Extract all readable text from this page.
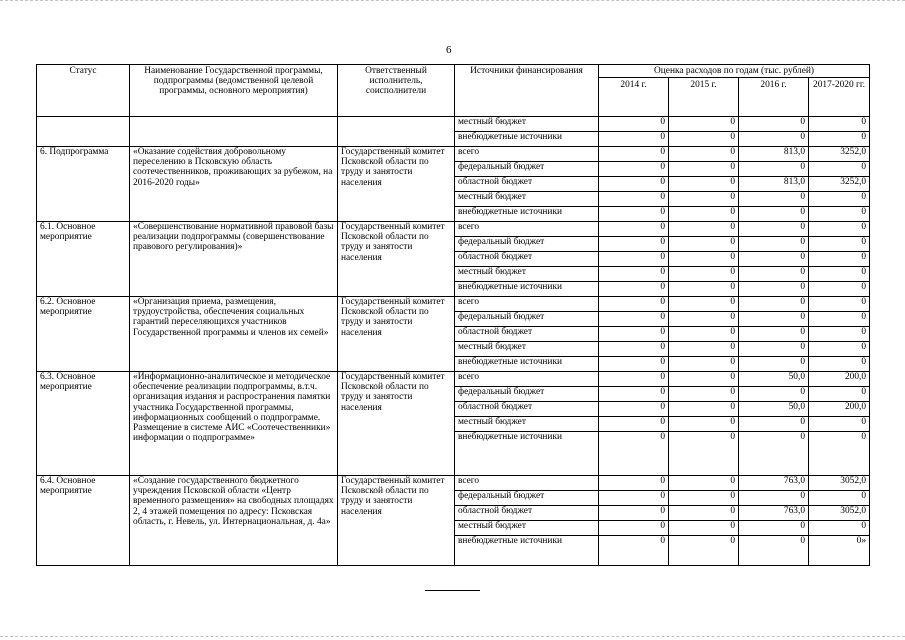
6
Статус	Наименование Государственной программы, подпрограммы (ведомственной целевой программы, основного мероприятия)	Ответственный исполнитель, соисполнители	Источники финансирования	Оценка расходов по годам (тыс. рублей)			
				2014 г.	2015 г.	2016 г.	2017-2020 гг.
			местный бюджет	0	0	0	0
			внебюджетные источники	0	0	0	0
6. Подпрограмма	«Оказание содействия добровольному переселению в Псковскую область соотечественников, проживающих за рубежом, на 2016-2020 годы»	Государственный комитет Псковской области по труду и занятости населения	всего	0	0	813,0	3252,0
			федеральный бюджет	0	0	0	0
			областной бюджет	0	0	813,0	3252,0
			местный бюджет	0	0	0	0
			внебюджетные источники	0	0	0	0
6.1. Основное мероприятие	«Совершенствование нормативной правовой базы реализации подпрограммы (совершенствование правового регулирования)»	Государственный комитет Псковской области по труду и занятости населения	всего	0	0	0	0
			федеральный бюджет	0	0	0	0
			областной бюджет	0	0	0	0
			местный бюджет	0	0	0	0
			внебюджетные источники	0	0	0	0
6.2. Основное мероприятие	«Организация приема, размещения, трудоустройства, обеспечения социальных гарантий переселяющихся участников Государственной программы и членов их семей»	Государственный комитет Псковской области по труду и занятости населения	всего	0	0	0	0
			федеральный бюджет	0	0	0	0
			областной бюджет	0	0	0	0
			местный бюджет	0	0	0	0
			внебюджетные источники	0	0	0	0
6.3. Основное мероприятие	«Информационно-аналитическое и методическое обеспечение реализации подпрограммы, в.т.ч. организация издания и распространения памятки участника Государственной программы, информационных сообщений о подпрограмме. Размещение в системе АИС «Соотечественники» информации о подпрограмме»	Государственный комитет Псковской области по труду и занятости населения	всего	0	0	50,0	200,0
			федеральный бюджет	0	0	0	0
			областной бюджет	0	0	50,0	200,0
			местный бюджет	0	0	0	0
			внебюджетные источники	0	0	0	0
6.4. Основное мероприятие	«Создание государственного бюджетного учреждения Псковской области «Центр временного размещения» на свободных площадях 2, 4 этажей помещения по адресу: Псковская область, г. Невель, ул. Интернациональная, д. 4а»	Государственный комитет Псковской области по труду и занятости населения	всего	0	0	763,0	3052,0
			федеральный бюджет	0	0	0	0
			областной бюджет	0	0	763,0	3052,0
			местный бюджет	0	0	0	0
			внебюджетные источники	0	0	0	0»
